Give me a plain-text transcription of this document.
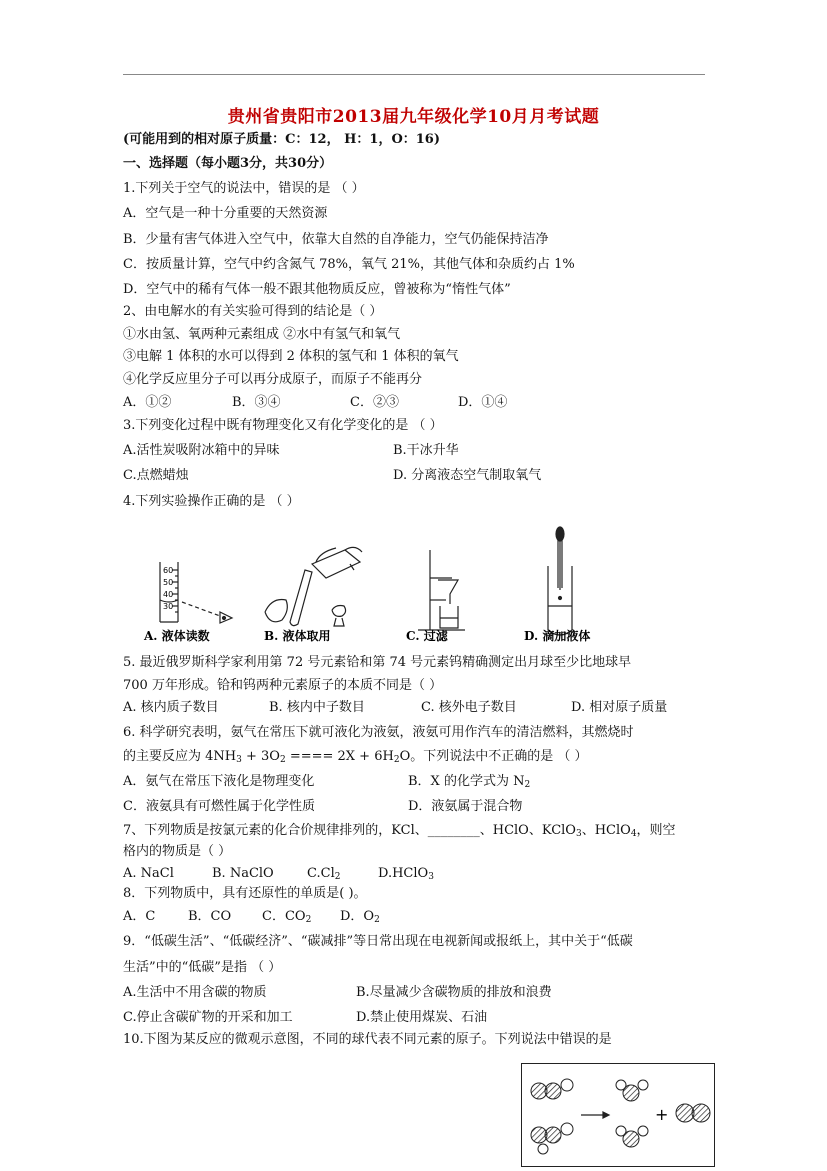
贵州省贵阳市2013届九年级化学10月月考试题
(可能用到的相对原子质量：C：12， H：1，O：16)
一、选择题（每小题3分，共30分）
1.下列关于空气的说法中，错误的是 （ ）
A．空气是一种十分重要的天然资源
B．少量有害气体进入空气中，依靠大自然的自净能力，空气仍能保持洁净
C．按质量计算，空气中约含氮气 78%，氧气 21%，其他气体和杂质约占 1%
D．空气中的稀有气体一般不跟其他物质反应，曾被称为“惰性气体”
2、由电解水的有关实验可得到的结论是（ ）
①水由氢、氧两种元素组成 ②水中有氢气和氧气
③电解 1 体积的水可以得到 2 体积的氢气和 1 体积的氧气
④化学反应里分子可以再分成原子，而原子不能再分
A．①②	B．③④	C．②③	D．①④
3.下列变化过程中既有物理变化又有化学变化的是 （ ）
A.活性炭吸附冰箱中的异味	B.干冰升华
C.点燃蜡烛	D. 分离液态空气制取氧气
4.下列实验操作正确的是 （ ）
60
50
40
30
A. 液体读数	B. 液体取用	C. 过滤	D. 滴加液体
5. 最近俄罗斯科学家利用第 72 号元素铪和第 74 号元素钨精确测定出月球至少比地球早
700 万年形成。铪和钨两种元素原子的本质不同是（ ）
A. 核内质子数目	B. 核内中子数目	C. 核外电子数目	D. 相对原子质量
6. 科学研究表明，氨气在常压下就可液化为液氨，液氨可用作汽车的清洁燃料，其燃烧时
的主要反应为 $4NH_3 + 3O_2$ ==== $2X + 6H_2O$。下列说法中不正确的是 （ ）
A．氨气在常压下液化是物理变化	B．X 的化学式为 $N_2$
C．液氨具有可燃性属于化学性质	D．液氨属于混合物
7、下列物质是按氯元素的化合价规律排列的，KCl、________、HClO、KClO$_3$、HClO$_4$，则空
格内的物质是（ ）
A. NaCl	B. NaClO	$C.Cl_2$	D.HClO$_3$
8．下列物质中，具有还原性的单质是( )。
A．C	B．CO C．$CO_2$ D．$O_2$
9．“低碳生活”、“低碳经济”、“碳减排”等日常出现在电视新闻或报纸上，其中关于“低碳
生活”中的“低碳”是指 （ ）
A.生活中不用含碳的物质	B.尽量减少含碳物质的排放和浪费
C.停止含碳矿物的开采和加工	D.禁止使用煤炭、石油
10.下图为某反应的微观示意图，不同的球代表不同元素的原子。下列说法中错误的是
+
